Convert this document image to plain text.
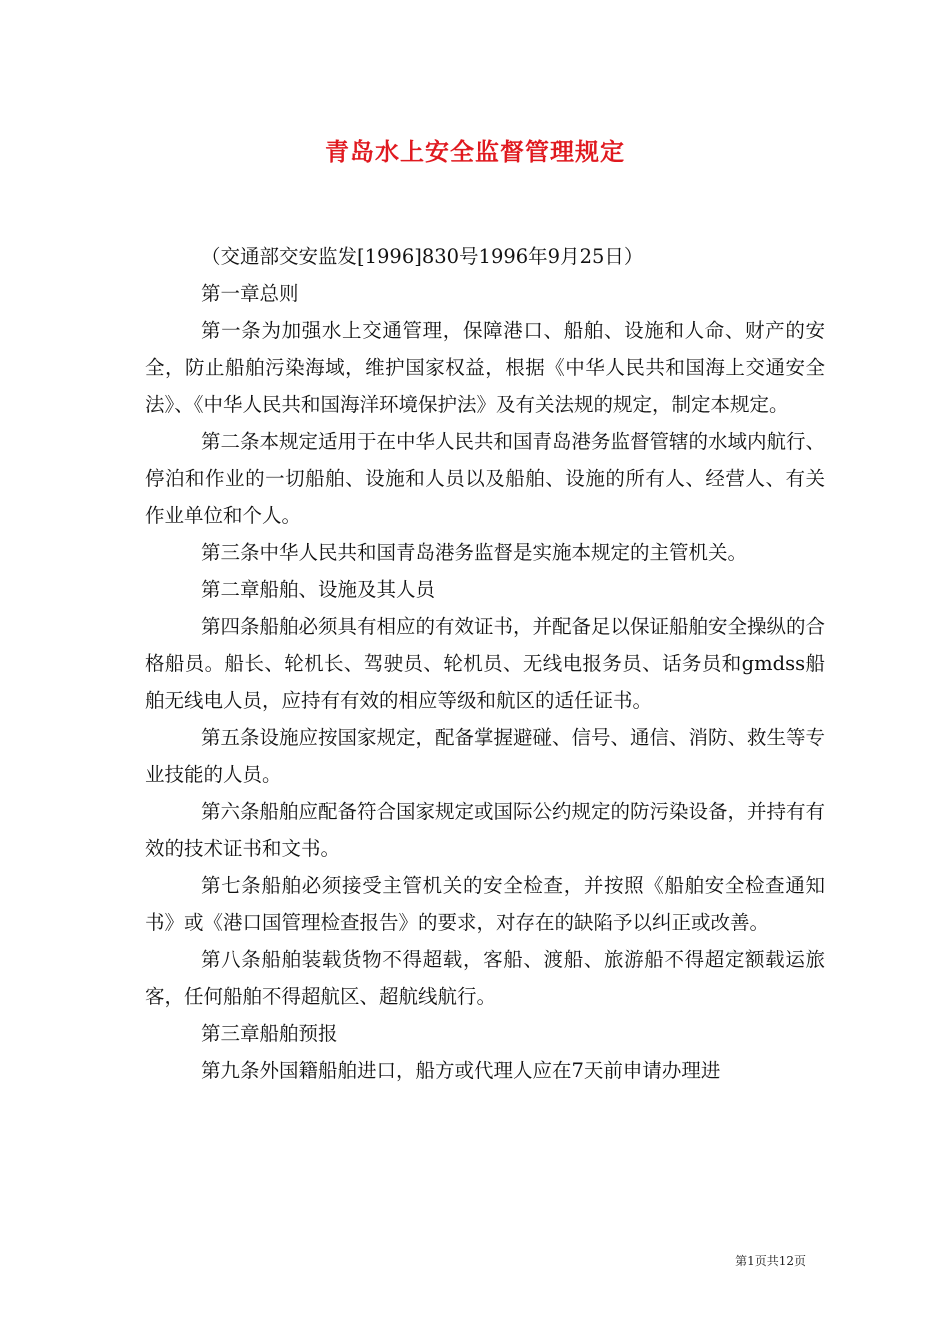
青岛水上安全监督管理规定

（交通部交安监发[1996]830号1996年9月25日）

第一章总则

第一条为加强水上交通管理，保障港口、船舶、设施和人命、财产的安全，防止船舶污染海域，维护国家权益，根据《中华人民共和国海上交通安全法》、《中华人民共和国海洋环境保护法》及有关法规的规定，制定本规定。

第二条本规定适用于在中华人民共和国青岛港务监督管辖的水域内航行、停泊和作业的一切船舶、设施和人员以及船舶、设施的所有人、经营人、有关作业单位和个人。

第三条中华人民共和国青岛港务监督是实施本规定的主管机关。

第二章船舶、设施及其人员

第四条船舶必须具有相应的有效证书，并配备足以保证船舶安全操纵的合格船员。船长、轮机长、驾驶员、轮机员、无线电报务员、话务员和gmdss船舶无线电人员，应持有有效的相应等级和航区的适任证书。

第五条设施应按国家规定，配备掌握避碰、信号、通信、消防、救生等专业技能的人员。

第六条船舶应配备符合国家规定或国际公约规定的防污染设备，并持有有效的技术证书和文书。

第七条船舶必须接受主管机关的安全检查，并按照《船舶安全检查通知书》或《港口国管理检查报告》的要求，对存在的缺陷予以纠正或改善。

第八条船舶装载货物不得超载，客船、渡船、旅游船不得超定额载运旅客，任何船舶不得超航区、超航线航行。

第三章船舶预报

第九条外国籍船舶进口，船方或代理人应在7天前申请办理进

第1页共12页
